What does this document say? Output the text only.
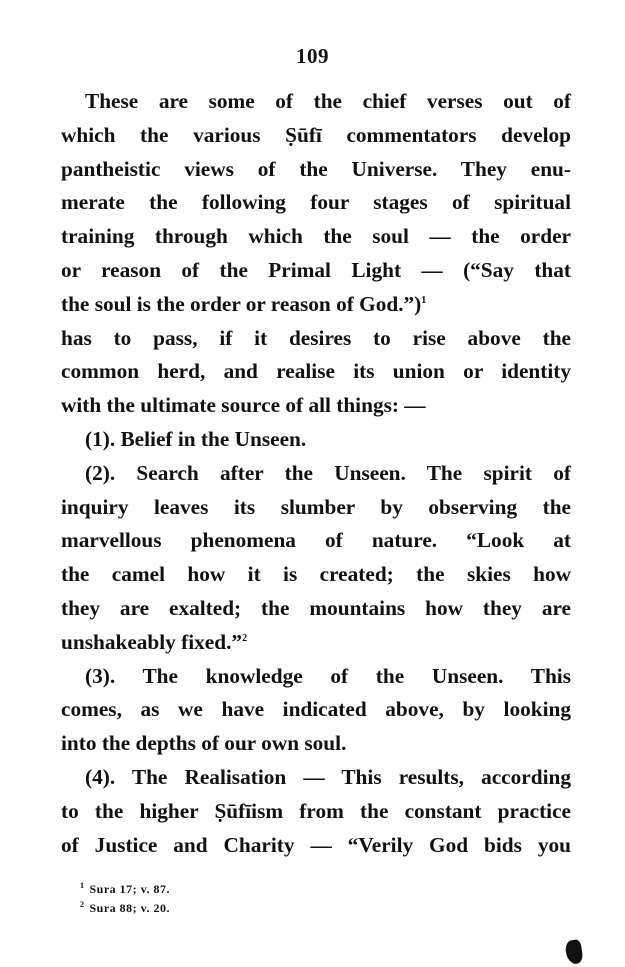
109
These are some of the chief verses out of
which the various Ṣūfī commentators develop
pantheistic views of the Universe. They enu-
merate the following four stages of spiritual
training through which the soul — the order
or reason of the Primal Light — (“Say that
the soul is the order or reason of God.”)$^1$
has to pass, if it desires to rise above the
common herd, and realise its union or identity
with the ultimate source of all things: —
(1). Belief in the Unseen.
(2). Search after the Unseen. The spirit of
inquiry leaves its slumber by observing the
marvellous phenomena of nature. “Look at
the camel how it is created; the skies how
they are exalted; the mountains how they are
unshakeably fixed.”$^2$
(3). The knowledge of the Unseen. This
comes, as we have indicated above, by looking
into the depths of our own soul.
(4). The Realisation — This results, according
to the higher Ṣūfīism from the constant practice
of Justice and Charity — “Verily God bids you
$^1$ Sura 17; v. 87.
$^2$ Sura 88; v. 20.
